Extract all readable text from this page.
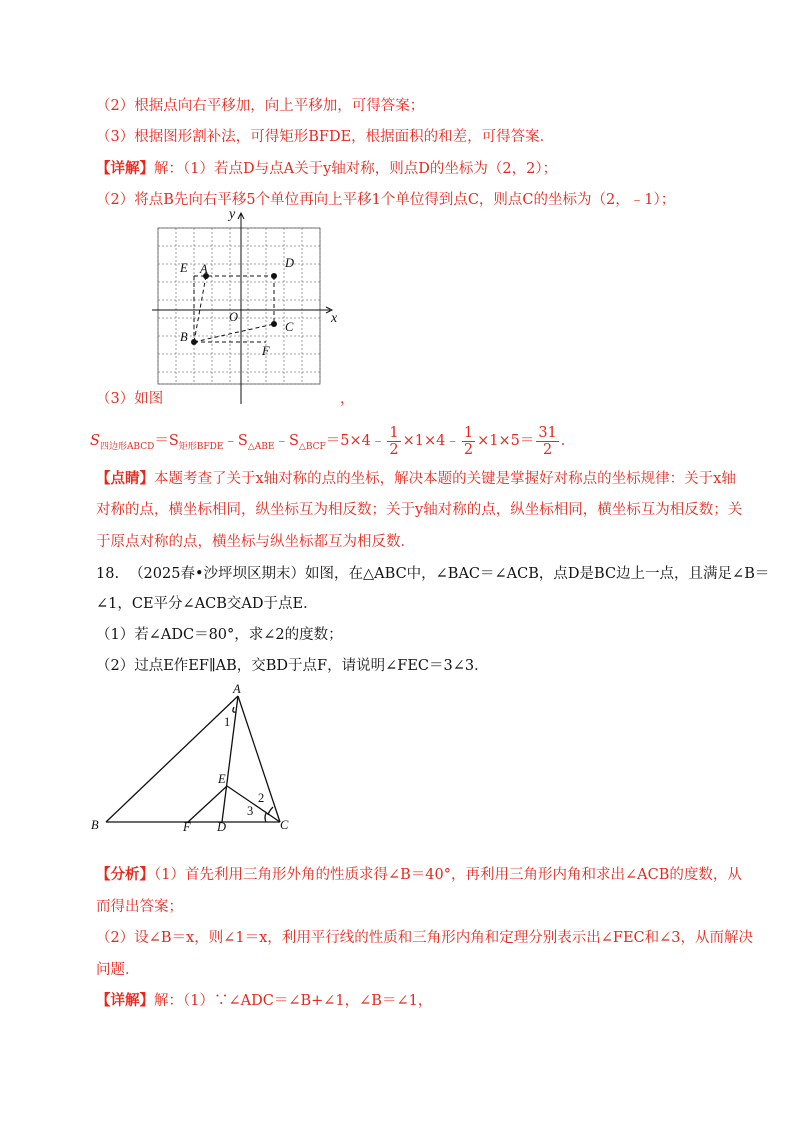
（2）根据点向右平移加，向上平移加，可得答案；
（3）根据图形割补法，可得矩形BFDE，根据面积的和差，可得答案．
【详解】解：（1）若点D与点A关于y轴对称，则点D的坐标为（2，2）；
（2）将点B先向右平移5个单位再向上平移1个单位得到点C，则点C的坐标为（2，﹣1）；
y
x
O
A
B
C
D
E
F
（3）如图	，
$S_{四边形ABCD}=S_{矩形BFDE}﹣S_{\triangle ABE}﹣S_{\triangle BCF}=5\times 4﹣ \frac{1}{2}$ ×1×4﹣ $\frac{1}{2} \times 1\times 5= \frac{31}{2}$ ．
【点睛】本题考查了关于x轴对称的点的坐标，解决本题的关键是掌握好对称点的坐标规律：关于x轴
对称的点，横坐标相同，纵坐标互为相反数；关于y轴对称的点，纵坐标相同，横坐标互为相反数；关
于原点对称的点，横坐标与纵坐标都互为相反数．
18. （2025春•沙坪坝区期末）如图，在△ABC中，∠BAC＝∠ACB，点D是BC边上一点，且满足∠B＝
∠1，CE平分∠ACB交AD于点E．
（1）若∠ADC＝80°，求∠2的度数；
（2）过点E作EF∥AB，交BD于点F，请说明∠FEC＝3∠3．
A
B	C
D
E
F
1
2
3
【分析】（1）首先利用三角形外角的性质求得∠B＝40°，再利用三角形内角和求出∠ACB的度数，从
而得出答案；
（2）设∠B＝x，则∠1＝x，利用平行线的性质和三角形内角和定理分别表示出∠FEC和∠3，从而解决
问题．
【详解】解：（1）∵∠ADC＝∠B+∠1，∠B＝∠1，
